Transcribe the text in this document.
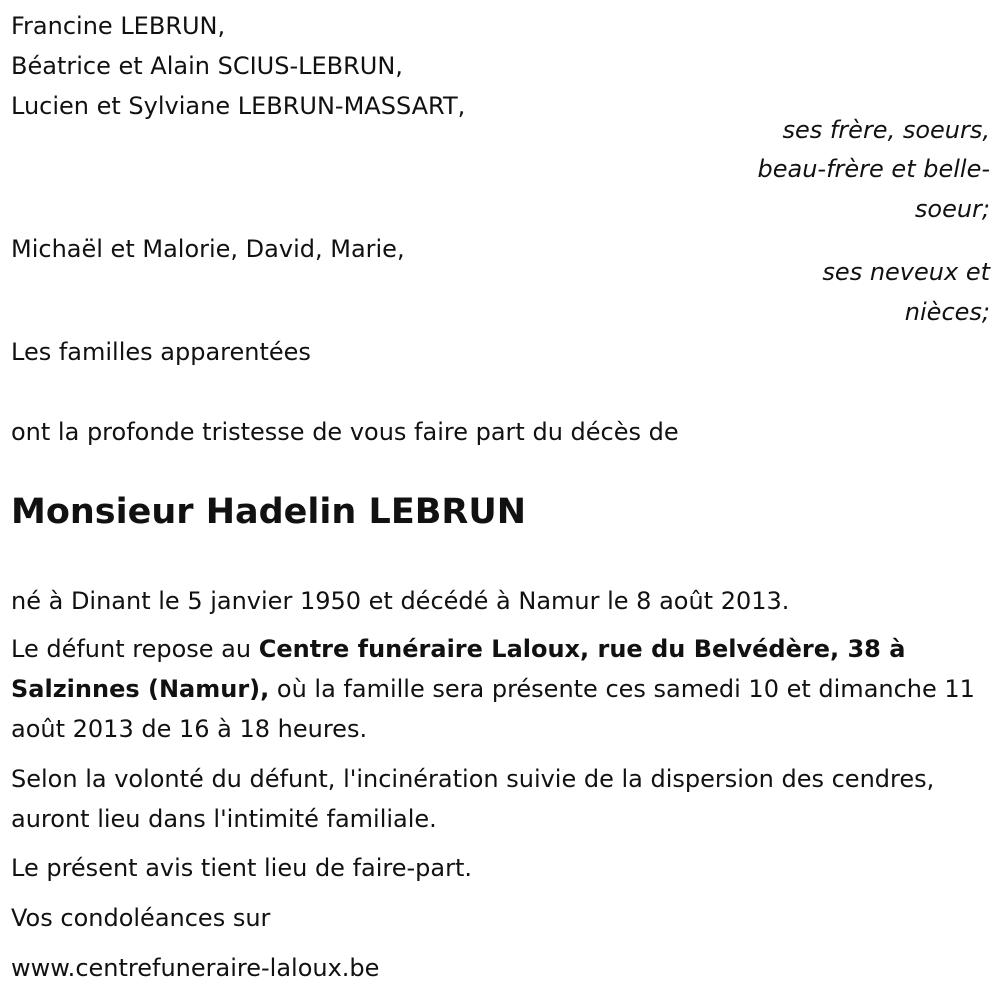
Francine LEBRUN,
Béatrice et Alain SCIUS-LEBRUN,
Lucien et Sylviane LEBRUN-MASSART,
ses frère, soeurs,
beau-frère et belle-
soeur;
Michaël et Malorie, David, Marie,
ses neveux et
nièces;
Les familles apparentées
ont la profonde tristesse de vous faire part du décès de
Monsieur Hadelin LEBRUN
né à Dinant le 5 janvier 1950 et décédé à Namur le 8 août 2013.
Le défunt repose au Centre funéraire Laloux, rue du Belvédère, 38 à Salzinnes (Namur), où la famille sera présente ces samedi 10 et dimanche 11 août 2013 de 16 à 18 heures.
Selon la volonté du défunt, l'incinération suivie de la dispersion des cendres, auront lieu dans l'intimité familiale.
Le présent avis tient lieu de faire-part.
Vos condoléances sur
www.centrefuneraire-laloux.be
